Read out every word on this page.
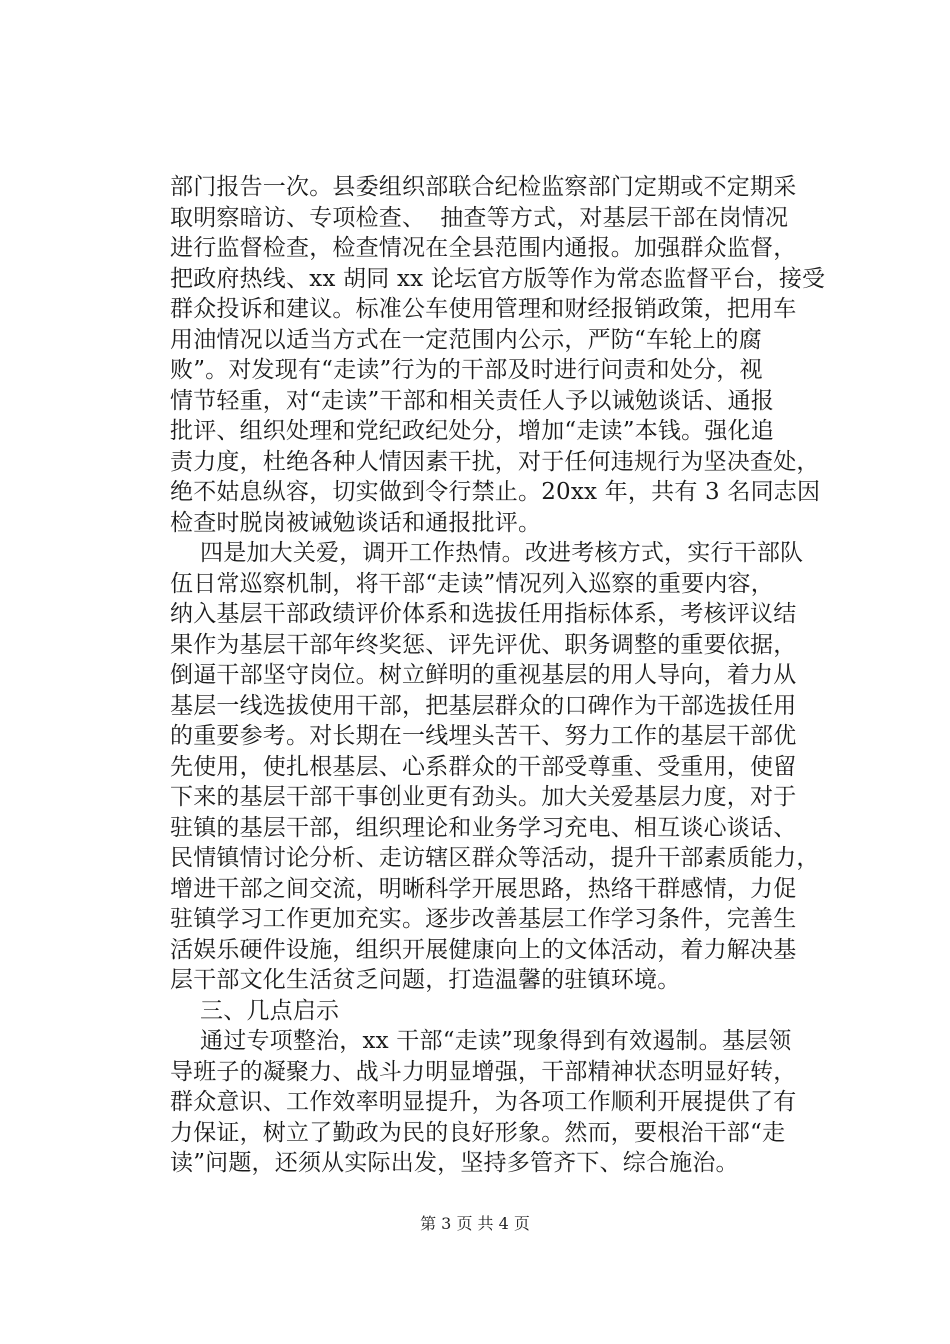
部门报告一次。县委组织部联合纪检监察部门定期或不定期采
取明察暗访、专项检查、  抽查等方式，对基层干部在岗情况
进行监督检查，检查情况在全县范围内通报。加强群众监督，
把政府热线、xx 胡同 xx 论坛官方版等作为常态监督平台，接受
群众投诉和建议。标准公车使用管理和财经报销政策，把用车
用油情况以适当方式在一定范围内公示，严防“车轮上的腐
败”。对发现有“走读”行为的干部及时进行问责和处分，视
情节轻重，对“走读”干部和相关责任人予以诫勉谈话、通报
批评、组织处理和党纪政纪处分，增加“走读”本钱。强化追
责力度，杜绝各种人情因素干扰，对于任何违规行为坚决查处，
绝不姑息纵容，切实做到令行禁止。20xx 年，共有 3 名同志因
检查时脱岗被诫勉谈话和通报批评。
四是加大关爱，调开工作热情。改进考核方式，实行干部队
伍日常巡察机制，将干部“走读”情况列入巡察的重要内容，
纳入基层干部政绩评价体系和选拔任用指标体系，考核评议结
果作为基层干部年终奖惩、评先评优、职务调整的重要依据，
倒逼干部坚守岗位。树立鲜明的重视基层的用人导向，着力从
基层一线选拔使用干部，把基层群众的口碑作为干部选拔任用
的重要参考。对长期在一线埋头苦干、努力工作的基层干部优
先使用，使扎根基层、心系群众的干部受尊重、受重用，使留
下来的基层干部干事创业更有劲头。加大关爱基层力度，对于
驻镇的基层干部，组织理论和业务学习充电、相互谈心谈话、
民情镇情讨论分析、走访辖区群众等活动，提升干部素质能力，
增进干部之间交流，明晰科学开展思路，热络干群感情，力促
驻镇学习工作更加充实。逐步改善基层工作学习条件，完善生
活娱乐硬件设施，组织开展健康向上的文体活动，着力解决基
层干部文化生活贫乏问题，打造温馨的驻镇环境。
三、几点启示
通过专项整治，xx 干部“走读”现象得到有效遏制。基层领
导班子的凝聚力、战斗力明显增强，干部精神状态明显好转，
群众意识、工作效率明显提升，为各项工作顺利开展提供了有
力保证，树立了勤政为民的良好形象。然而，要根治干部“走
读”问题，还须从实际出发，坚持多管齐下、综合施治。
第 3 页 共 4 页
